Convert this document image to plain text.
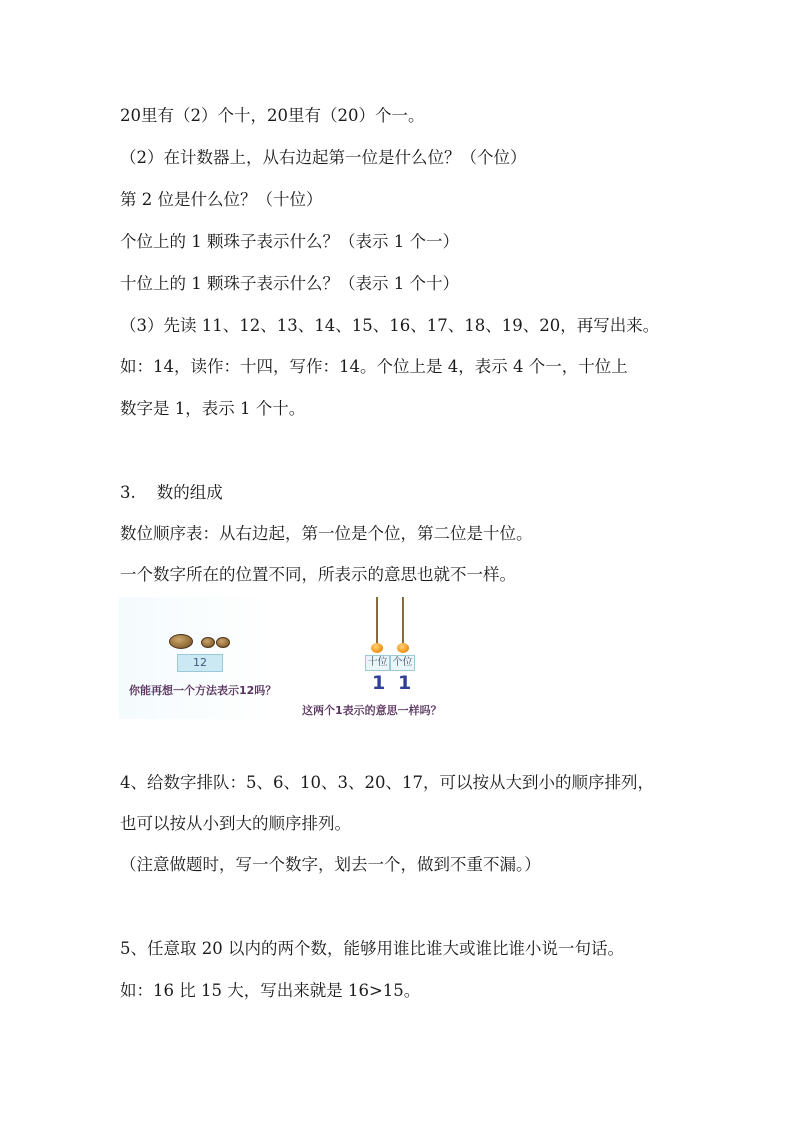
20里有（2）个十，20里有（20）个一。
（2）在计数器上，从右边起第一位是什么位？（个位）
第 2 位是什么位？（十位）
个位上的 1 颗珠子表示什么？（表示 1 个一）
十位上的 1 颗珠子表示什么？（表示 1 个十）
（3）先读 11、12、13、14、15、16、17、18、19、20，再写出来。
如：14，读作：十四，写作：14。个位上是 4，表示 4 个一，十位上
数字是 1，表示 1 个十。
3.    数的组成
数位顺序表：从右边起，第一位是个位，第二位是十位。
一个数字所在的位置不同，所表示的意思也就不一样。
12
你能再想一个方法表示12吗？
十位 个位
1 1
这两个1表示的意思一样吗？
4、给数字排队：5、6、10、3、20、17，可以按从大到小的顺序排列，
也可以按从小到大的顺序排列。
（注意做题时，写一个数字，划去一个，做到不重不漏。）
5、任意取 20 以内的两个数，能够用谁比谁大或谁比谁小说一句话。
如：16 比 15 大，写出来就是 16>15。
